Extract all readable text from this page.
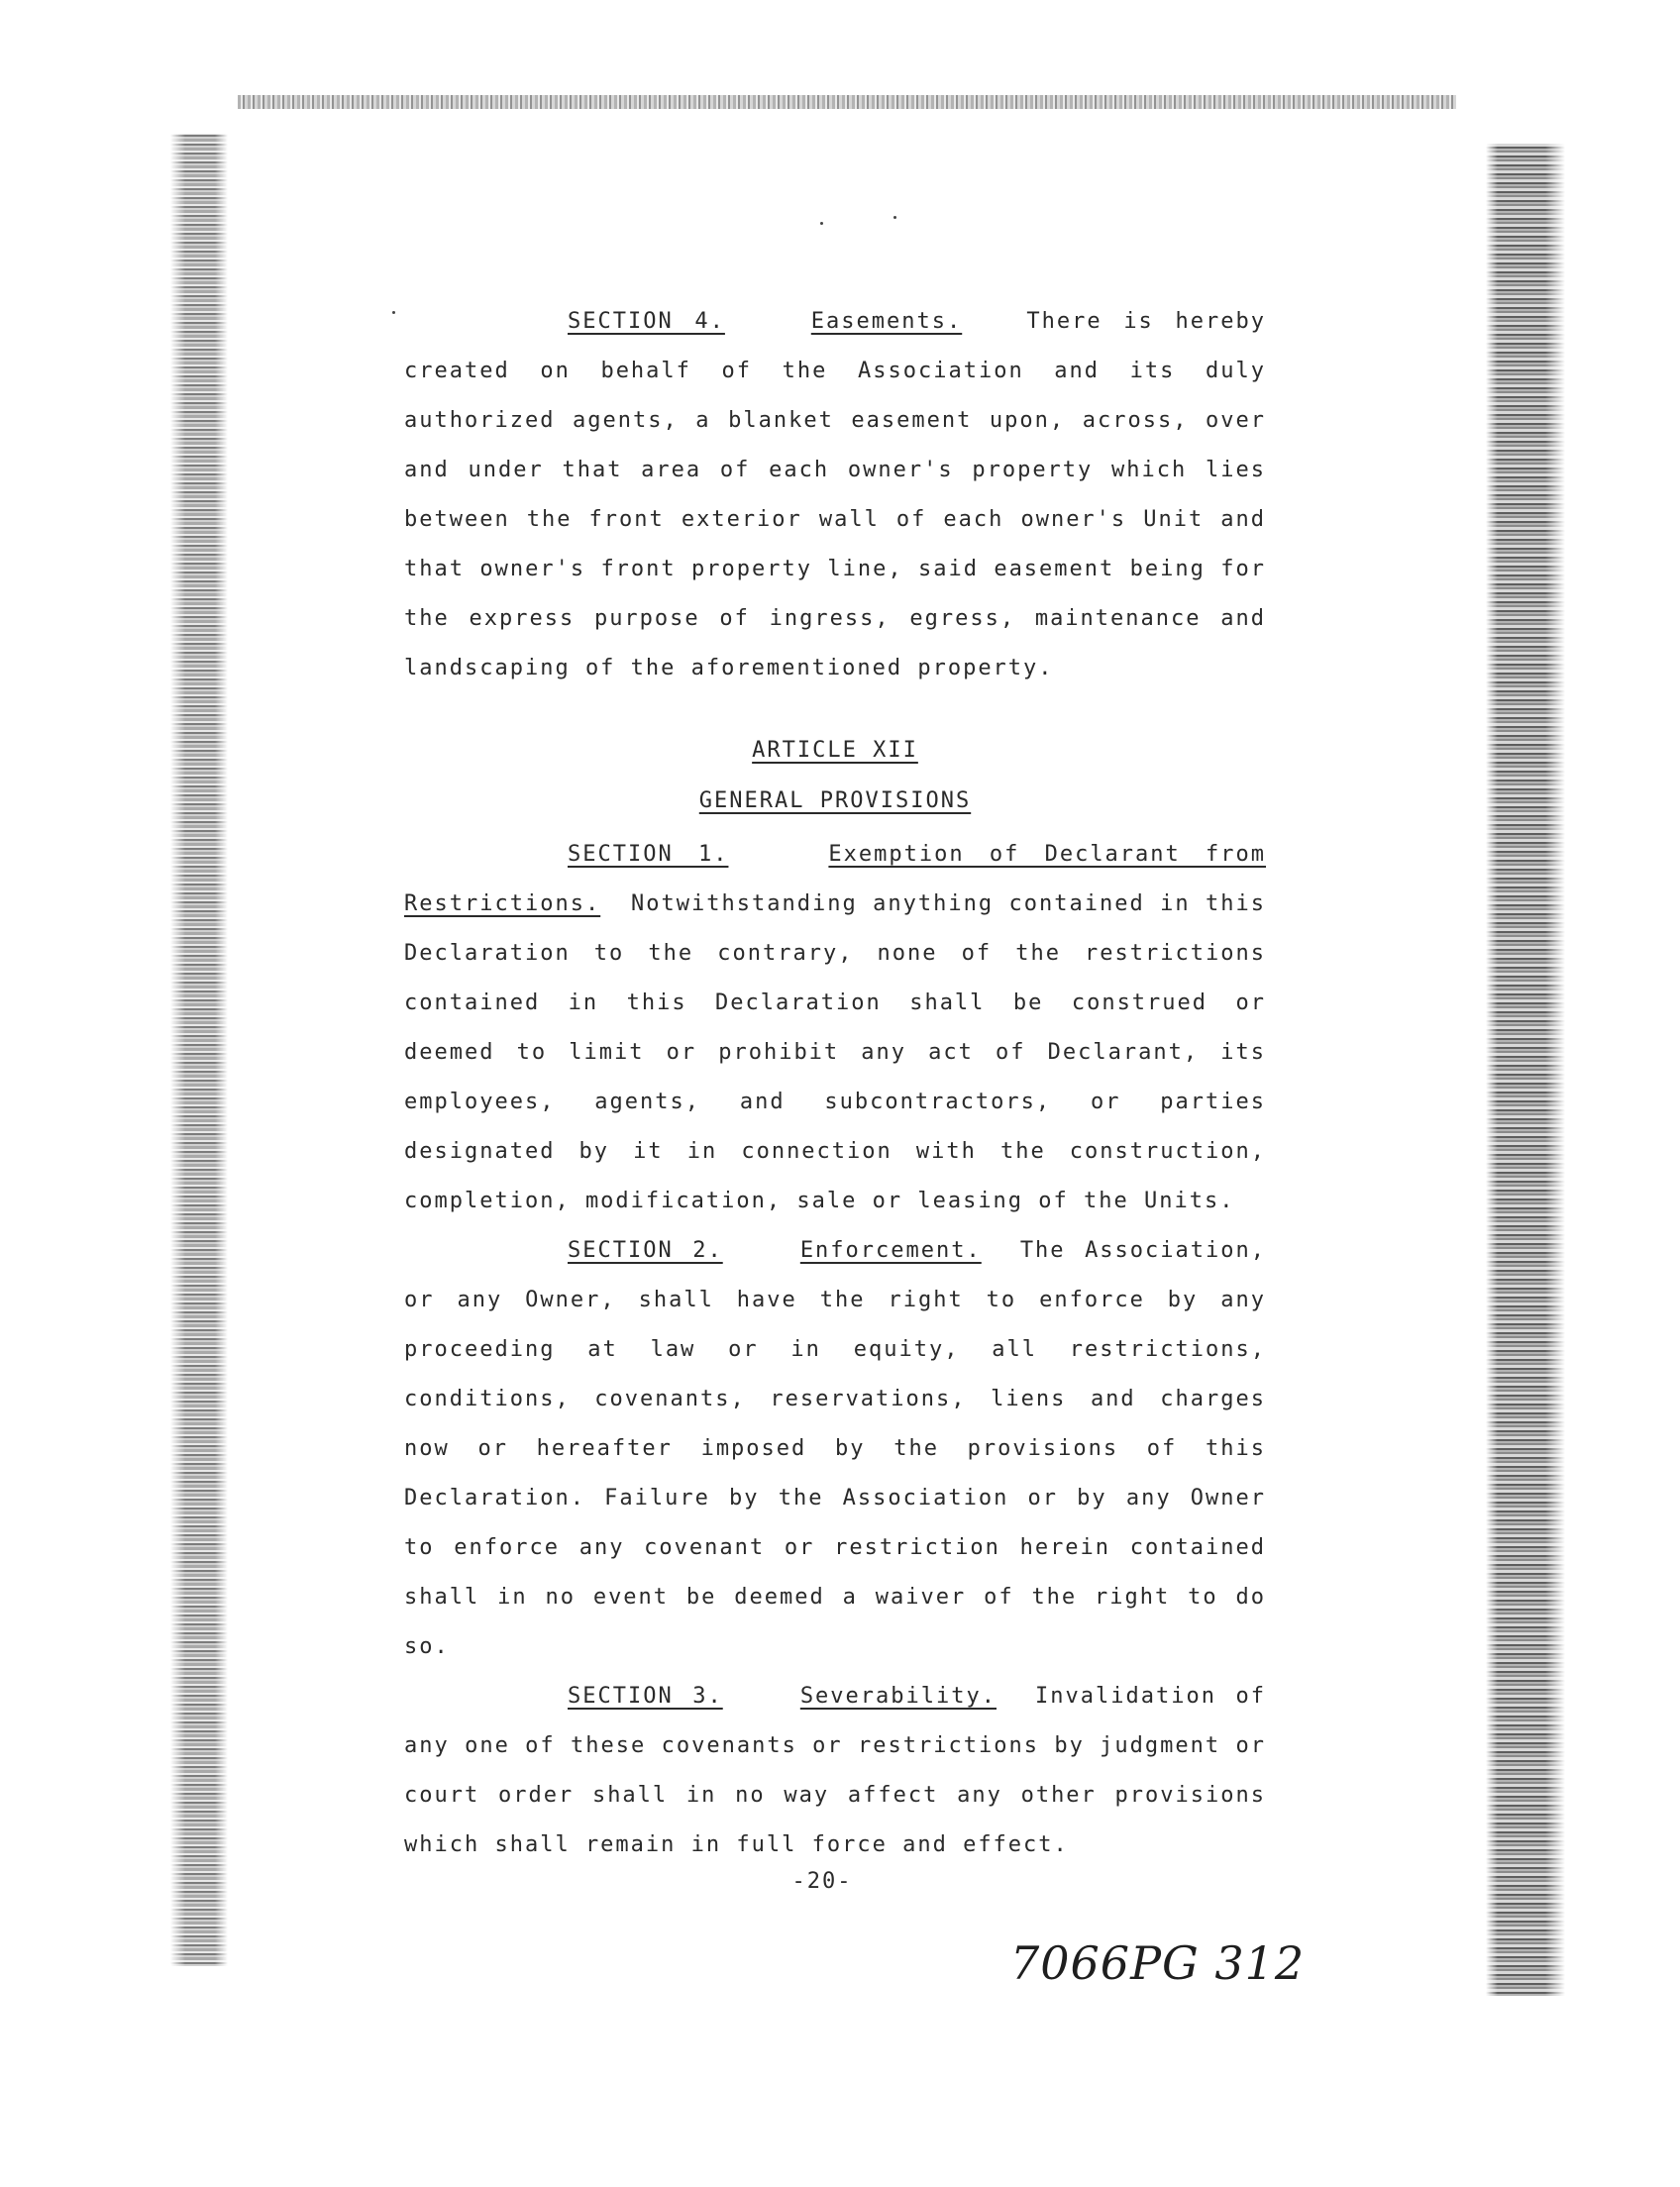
SECTION 4.	Easements.	There is hereby created on behalf of the Association and its duly authorized agents, a blanket easement upon, across, over and under that area of each owner's property which lies between the front exterior wall of each owner's Unit and that owner's front property line, said easement being for the express purpose of ingress, egress, maintenance and landscaping of the aforementioned property.

ARTICLE XII
GENERAL PROVISIONS

SECTION 1.	Exemption of Declarant from Restrictions. Notwithstanding anything contained in this Declaration to the contrary, none of the restrictions contained in this Declaration shall be construed or deemed to limit or prohibit any act of Declarant, its employees, agents, and subcontractors, or parties designated by it in connection with the construction, completion, modification, sale or leasing of the Units.

SECTION 2.	Enforcement. The Association, or any Owner, shall have the right to enforce by any proceeding at law or in equity, all restrictions, conditions, covenants, reservations, liens and charges now or hereafter imposed by the provisions of this Declaration. Failure by the Association or by any Owner to enforce any covenant or restriction herein contained shall in no event be deemed a waiver of the right to do so.

SECTION 3.	Severability. Invalidation of any one of these covenants or restrictions by judgment or court order shall in no way affect any other provisions which shall remain in full force and effect.

-20-
7066PG 312
